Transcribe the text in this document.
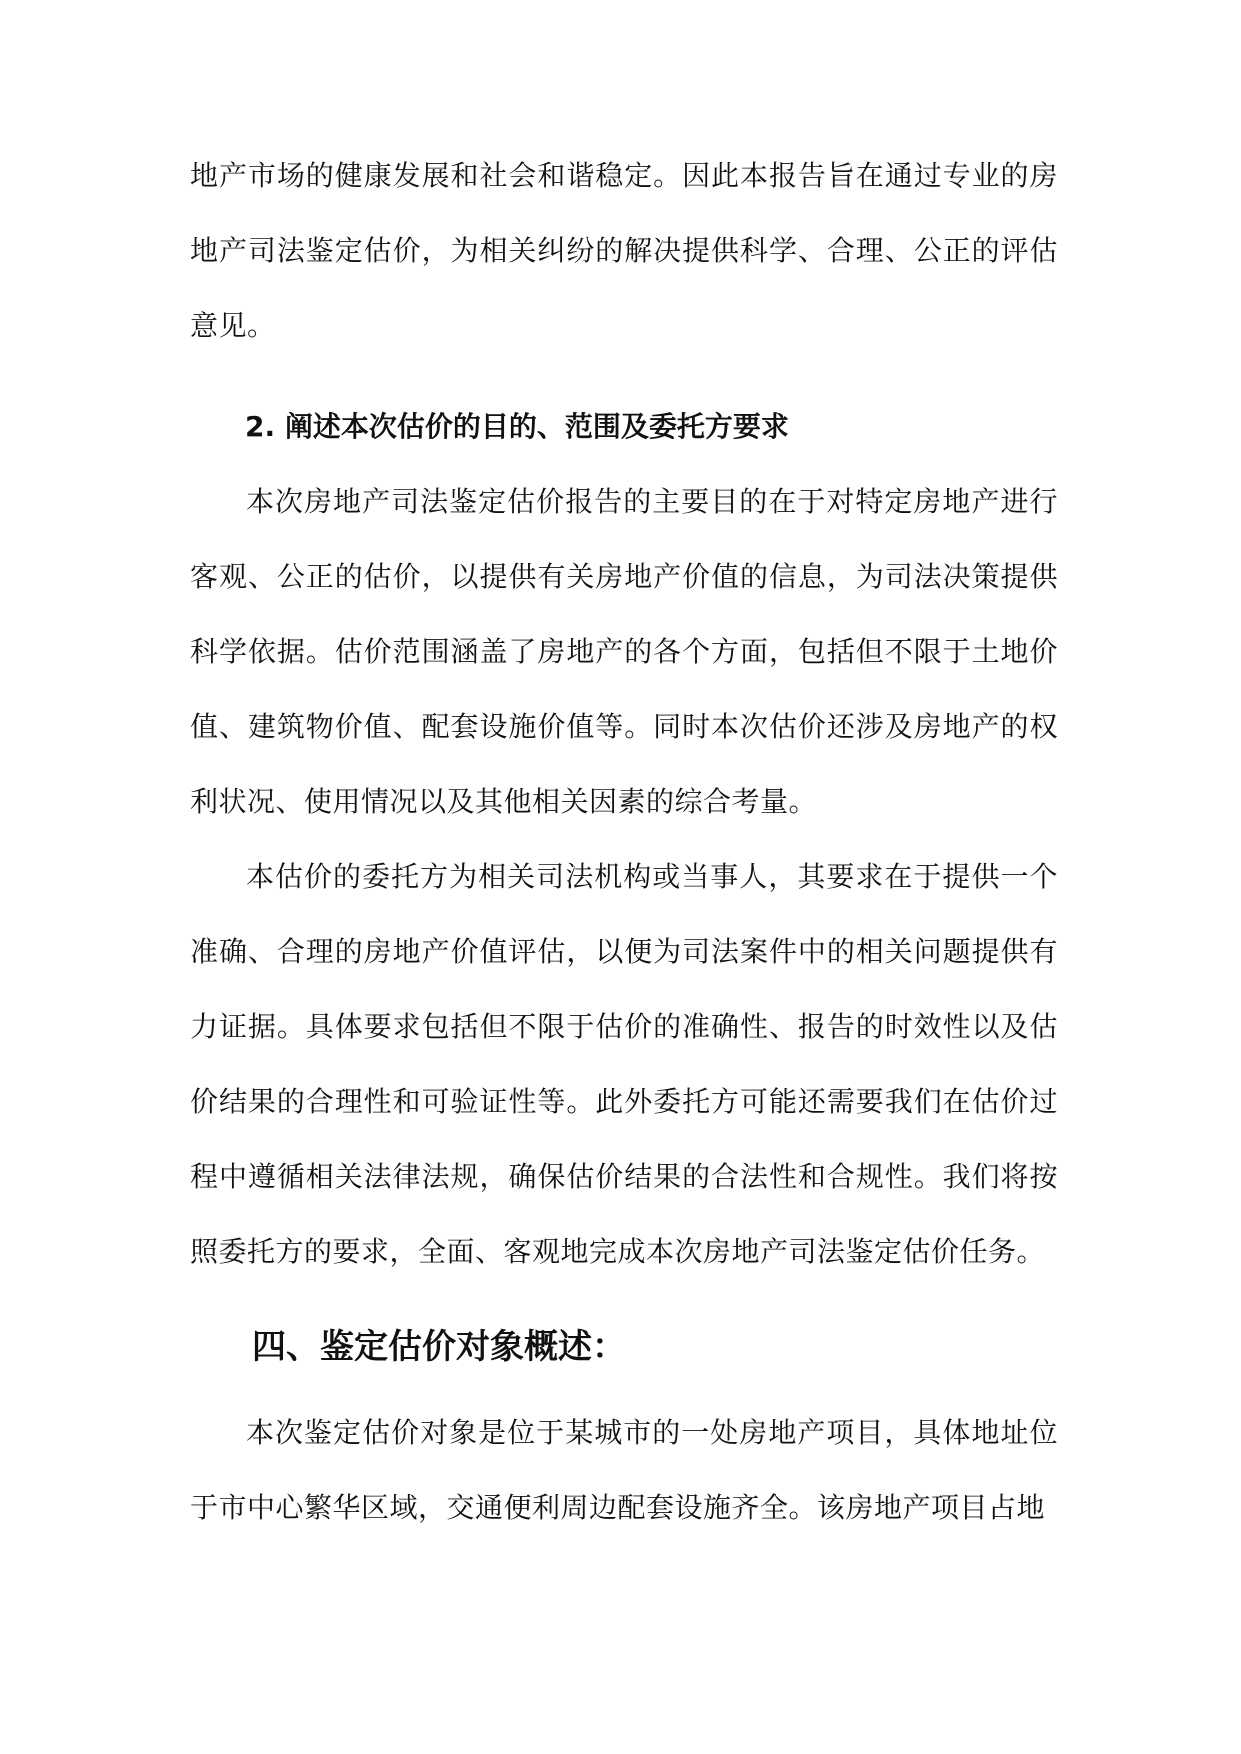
地产市场的健康发展和社会和谐稳定。因此本报告旨在通过专业的房地产司法鉴定估价，为相关纠纷的解决提供科学、合理、公正的评估意见。

2. 阐述本次估价的目的、范围及委托方要求

本次房地产司法鉴定估价报告的主要目的在于对特定房地产进行客观、公正的估价，以提供有关房地产价值的信息，为司法决策提供科学依据。估价范围涵盖了房地产的各个方面，包括但不限于土地价值、建筑物价值、配套设施价值等。同时本次估价还涉及房地产的权利状况、使用情况以及其他相关因素的综合考量。

本估价的委托方为相关司法机构或当事人，其要求在于提供一个准确、合理的房地产价值评估，以便为司法案件中的相关问题提供有力证据。具体要求包括但不限于估价的准确性、报告的时效性以及估价结果的合理性和可验证性等。此外委托方可能还需要我们在估价过程中遵循相关法律法规，确保估价结果的合法性和合规性。我们将按照委托方的要求，全面、客观地完成本次房地产司法鉴定估价任务。

四、鉴定估价对象概述：

本次鉴定估价对象是位于某城市的一处房地产项目，具体地址位于市中心繁华区域，交通便利周边配套设施齐全。该房地产项目占地
